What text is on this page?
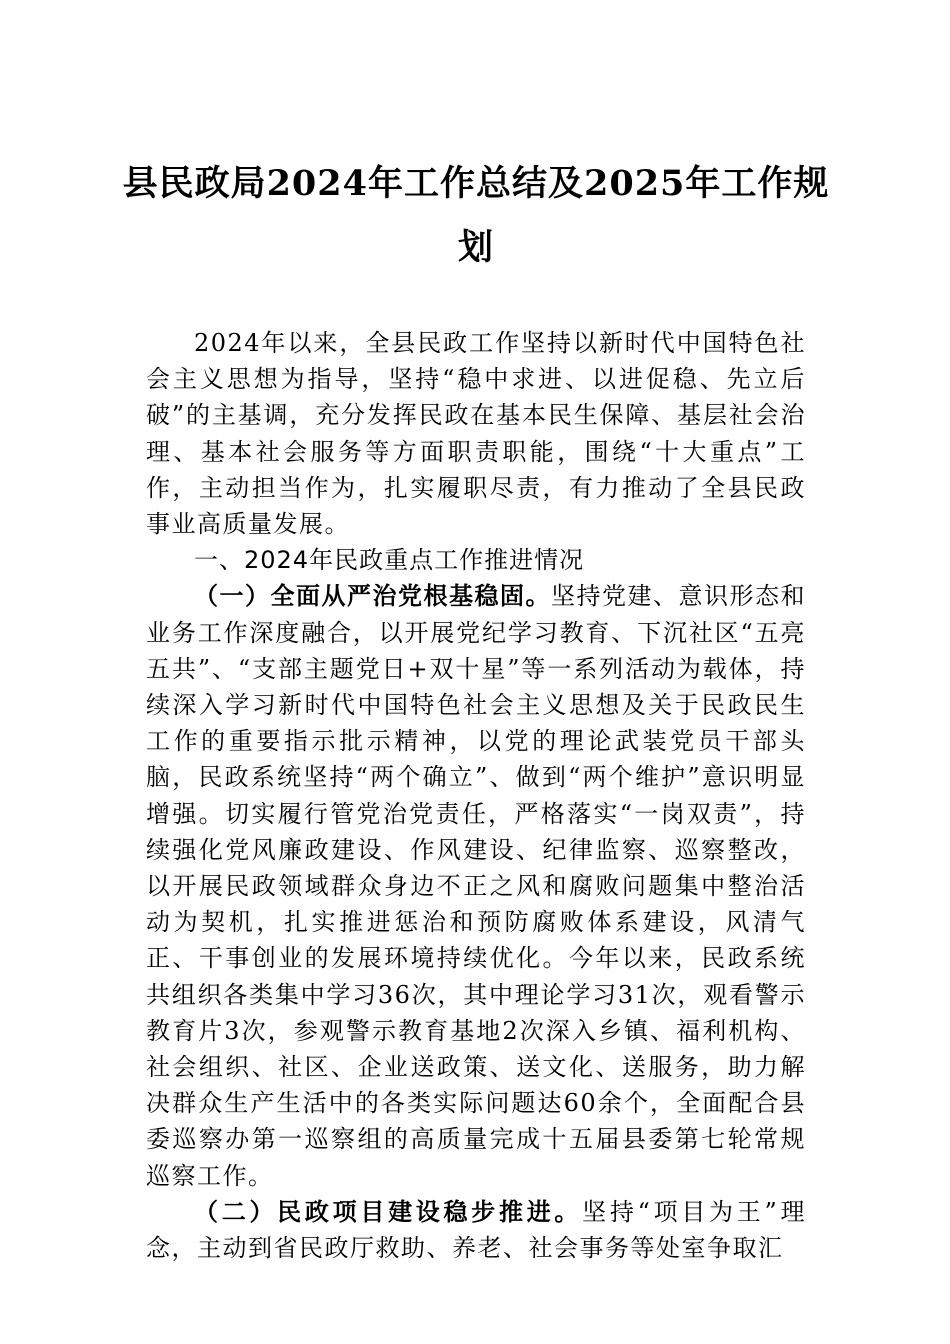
县民政局2024年工作总结及2025年工作规划

2024年以来，全县民政工作坚持以新时代中国特色社会主义思想为指导，坚持“稳中求进、以进促稳、先立后破”的主基调，充分发挥民政在基本民生保障、基层社会治理、基本社会服务等方面职责职能，围绕“十大重点”工作，主动担当作为，扎实履职尽责，有力推动了全县民政事业高质量发展。

一、2024年民政重点工作推进情况

（一）全面从严治党根基稳固。坚持党建、意识形态和业务工作深度融合，以开展党纪学习教育、下沉社区“五亮五共”、“支部主题党日+双十星”等一系列活动为载体，持续深入学习新时代中国特色社会主义思想及关于民政民生工作的重要指示批示精神，以党的理论武装党员干部头脑，民政系统坚持“两个确立”、做到“两个维护”意识明显增强。切实履行管党治党责任，严格落实“一岗双责”，持续强化党风廉政建设、作风建设、纪律监察、巡察整改，以开展民政领域群众身边不正之风和腐败问题集中整治活动为契机，扎实推进惩治和预防腐败体系建设，风清气正、干事创业的发展环境持续优化。今年以来，民政系统共组织各类集中学习36次，其中理论学习31次，观看警示教育片3次，参观警示教育基地2次深入乡镇、福利机构、社会组织、社区、企业送政策、送文化、送服务，助力解决群众生产生活中的各类实际问题达60余个，全面配合县委巡察办第一巡察组的高质量完成十五届县委第七轮常规巡察工作。

（二）民政项目建设稳步推进。坚持“项目为王”理念，主动到省民政厅救助、养老、社会事务等处室争取汇
